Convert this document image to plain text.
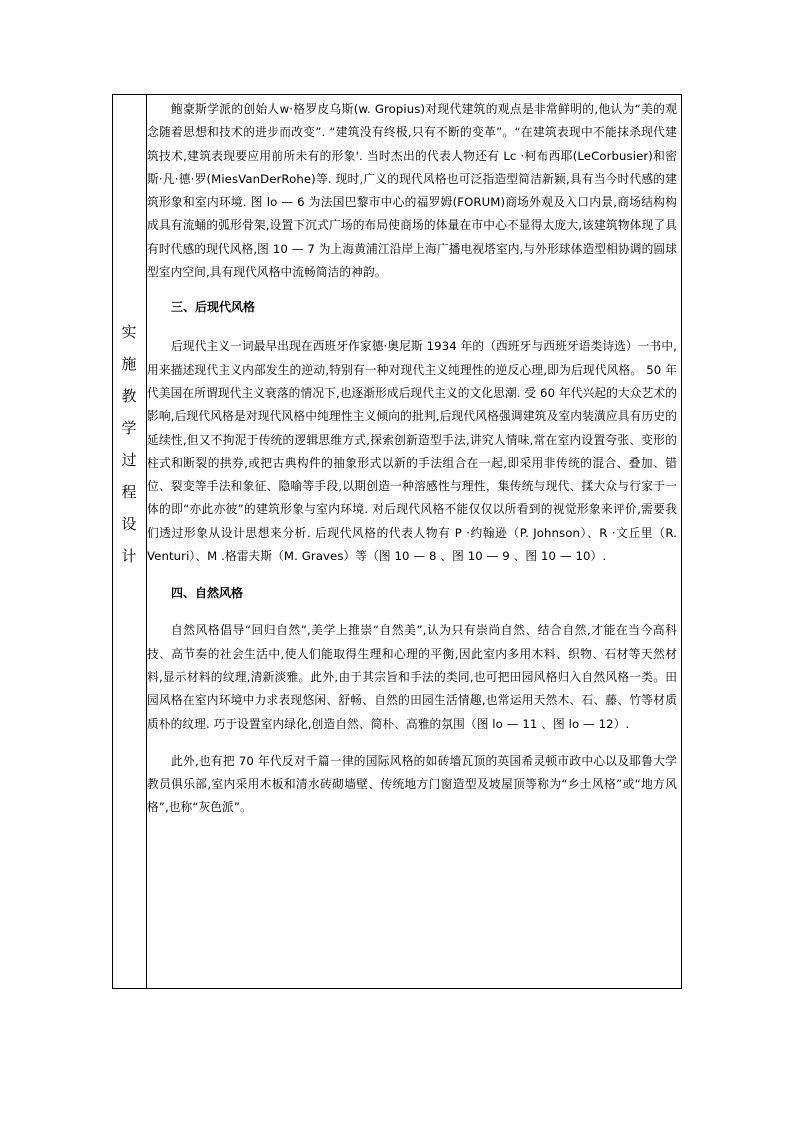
实
施
教
学
过
程
设
计

鲍豪斯学派的创始人w·格罗皮乌斯(w. Gropius)对现代建筑的观点是非常鲜明的,他认为“美的观念随着思想和技术的进步而改变”. “建筑没有终极,只有不断的变革”。“在建筑表现中不能抹杀现代建筑技术,建筑表现要应用前所未有的形象'. 当时杰出的代表人物还有 Lc ·柯布西耶(LeCorbusier)和密斯·凡·德·罗(MiesVanDerRohe)等. 现时,广义的现代风格也可泛指造型简洁新颖,具有当今时代感的建筑形象和室内环境. 图 lo — 6 为法国巴黎市中心的福罗姆(FORUM)商场外观及入口内景,商场结构构成具有流蛹的弧形骨架,设置下沉式广场的布局使商场的体量在市中心不显得太庞大,该建筑物体现了具有时代感的现代风格,图 10 — 7 为上海黄浦江沿岸上海广播电视塔室内,与外形球体造型相协调的圆球型室内空间,具有现代风格中流畅简洁的神韵。

三、后现代风格

后现代主义一词最早出现在西班牙作家德·奥尼斯 1934 年的（西班牙与西班牙语类诗选）一书中,用来描述现代主义内部发生的逆动,特别有一种对现代主义纯理性的逆反心理,即为后现代风格。 50 年代美国在所谓现代主义衰落的情况下,也逐渐形成后现代主义的文化思潮. 受 60 年代兴起的大众艺术的影响,后现代风格是对现代风格中纯理性主义倾向的批判,后现代风格强调建筑及室内装潢应具有历史的延续性,但又不拘泥于传统的逻辑思维方式,探索创新造型手法,讲究人情味,常在室内设置夸张、变形的柱式和断裂的拱券,或把古典构件的抽象形式以新的手法组合在一起,即采用非传统的混合、叠加、错位、裂变等手法和象征、隐喻等手段,以期创造一种溶感性与理性，集传统与现代、揉大众与行家于一体的即“亦此亦彼”的建筑形象与室内环境. 对后现代风格不能仅仅以所看到的视觉形象来评价,需要我们透过形象从设计思想来分析. 后现代风格的代表人物有 P ·约翰逊（P. Johnson）、R ·文丘里（R. Venturi）、M .格雷夫斯（M. Graves）等（图 10 — 8 、图 10 — 9 、图 10 — 10）.

四、自然风格

自然风格倡导“回归自然”,美学上推崇“自然美”,认为只有崇尚自然、结合自然,才能在当今高科技、高节奏的社会生活中,使人们能取得生理和心理的平衡,因此室内多用木料、织物、石材等天然材料,显示材料的纹理,清新淡雅。此外,由于其宗旨和手法的类同,也可把田园风格归入自然风格一类。田园风格在室内环境中力求表现悠闲、舒畅、自然的田园生活情趣,也常运用天然木、石、藤、竹等材质质朴的纹理. 巧于设置室内绿化,创造自然、简朴、高雅的氛围（图 lo — 11 、图 lo — 12）.

此外,也有把 70 年代反对千篇一律的国际风格的如砖墙瓦顶的英国希灵顿市政中心以及耶鲁大学教员俱乐部,室内采用木板和清水砖砌墙壁、传统地方门窗造型及坡屋顶等称为“乡土风格”或“地方风格”,也称“灰色派”。
